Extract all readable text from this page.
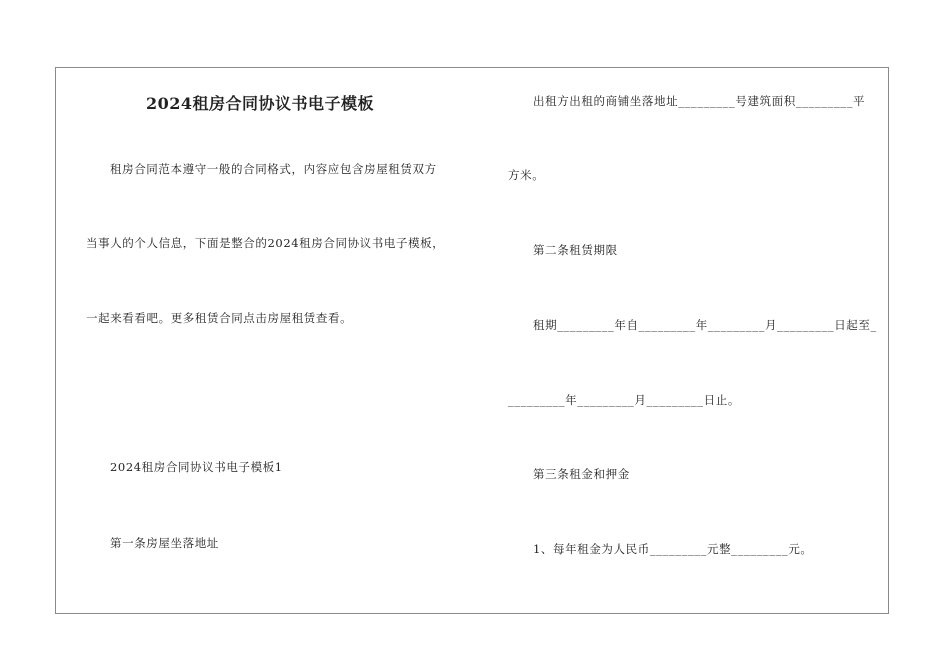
2024租房合同协议书电子模板
租房合同范本遵守一般的合同格式，内容应包含房屋租赁双方
当事人的个人信息，下面是整合的2024租房合同协议书电子模板，
一起来看看吧。更多租赁合同点击房屋租赁查看。
2024租房合同协议书电子模板1
第一条房屋坐落地址
出租方出租的商铺坐落地址_________号建筑面积_________平
方米。
第二条租赁期限
租期_________年自_________年_________月_________日起至_
_________年_________月_________日止。
第三条租金和押金
1、每年租金为人民币_________元整_________元。
